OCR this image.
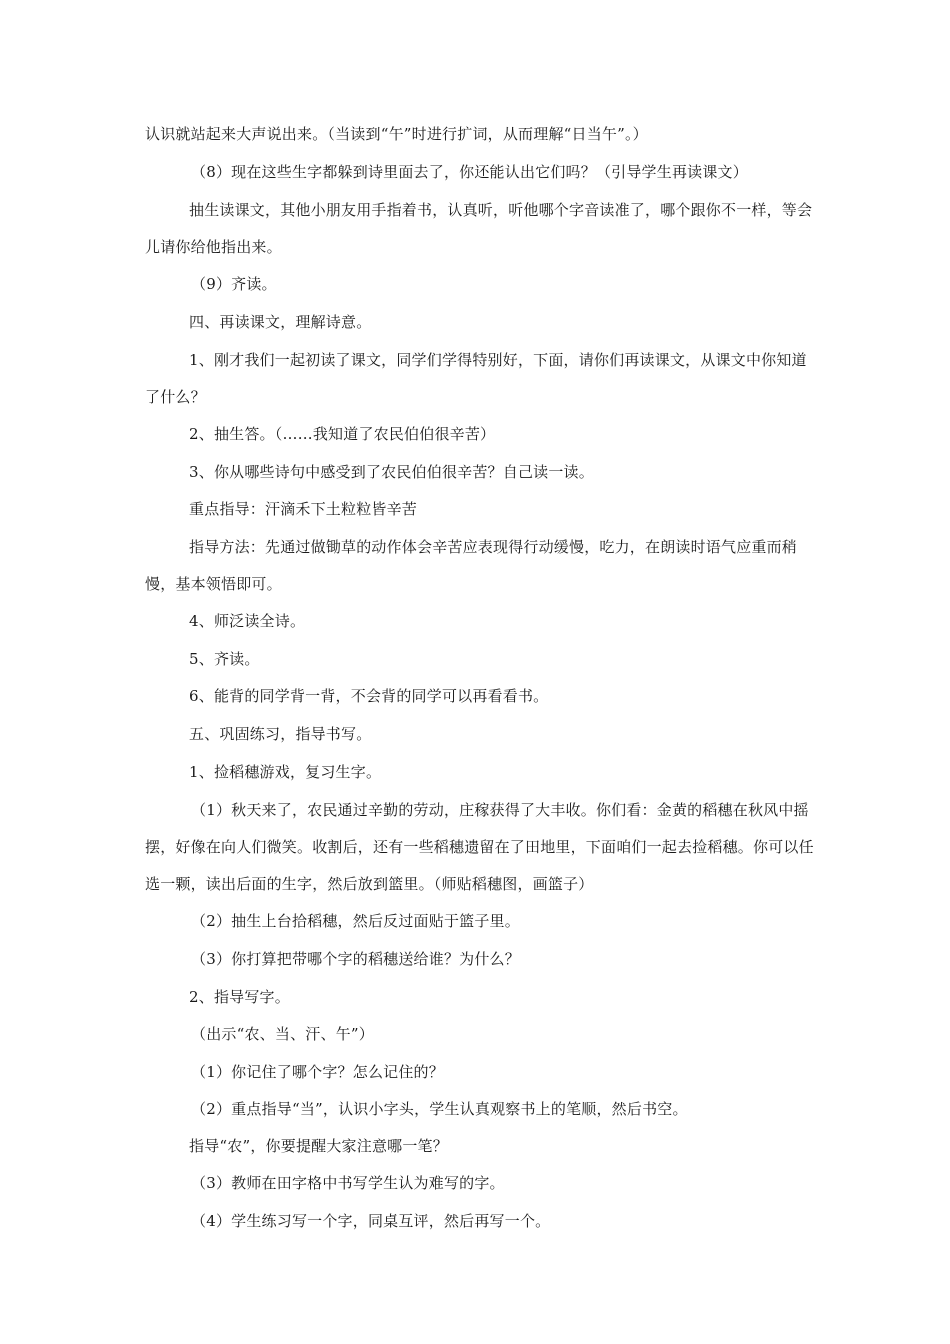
认识就站起来大声说出来。（当读到“午”时进行扩词，从而理解“日当午”。）

（8）现在这些生字都躲到诗里面去了，你还能认出它们吗？（引导学生再读课文）

抽生读课文，其他小朋友用手指着书，认真听，听他哪个字音读准了，哪个跟你不一样，等会儿请你给他指出来。

（9）齐读。

四、再读课文，理解诗意。

1、刚才我们一起初读了课文，同学们学得特别好，下面，请你们再读课文，从课文中你知道了什么？

2、抽生答。（……我知道了农民伯伯很辛苦）

3、你从哪些诗句中感受到了农民伯伯很辛苦？自己读一读。

重点指导：汗滴禾下土粒粒皆辛苦

指导方法：先通过做锄草的动作体会辛苦应表现得行动缓慢，吃力，在朗读时语气应重而稍慢，基本领悟即可。

4、师泛读全诗。

5、齐读。

6、能背的同学背一背，不会背的同学可以再看看书。

五、巩固练习，指导书写。

1、捡稻穗游戏，复习生字。

（1）秋天来了，农民通过辛勤的劳动，庄稼获得了大丰收。你们看：金黄的稻穗在秋风中摇摆，好像在向人们微笑。收割后，还有一些稻穗遗留在了田地里，下面咱们一起去捡稻穗。你可以任选一颗，读出后面的生字，然后放到篮里。（师贴稻穗图，画篮子）

（2）抽生上台拾稻穗，然后反过面贴于篮子里。

（3）你打算把带哪个字的稻穗送给谁？为什么？

2、指导写字。

（出示“农、当、汗、午”）

（1）你记住了哪个字？怎么记住的？

（2）重点指导“当”，认识小字头，学生认真观察书上的笔顺，然后书空。

指导“农”，你要提醒大家注意哪一笔？

（3）教师在田字格中书写学生认为难写的字。

（4）学生练习写一个字，同桌互评，然后再写一个。
